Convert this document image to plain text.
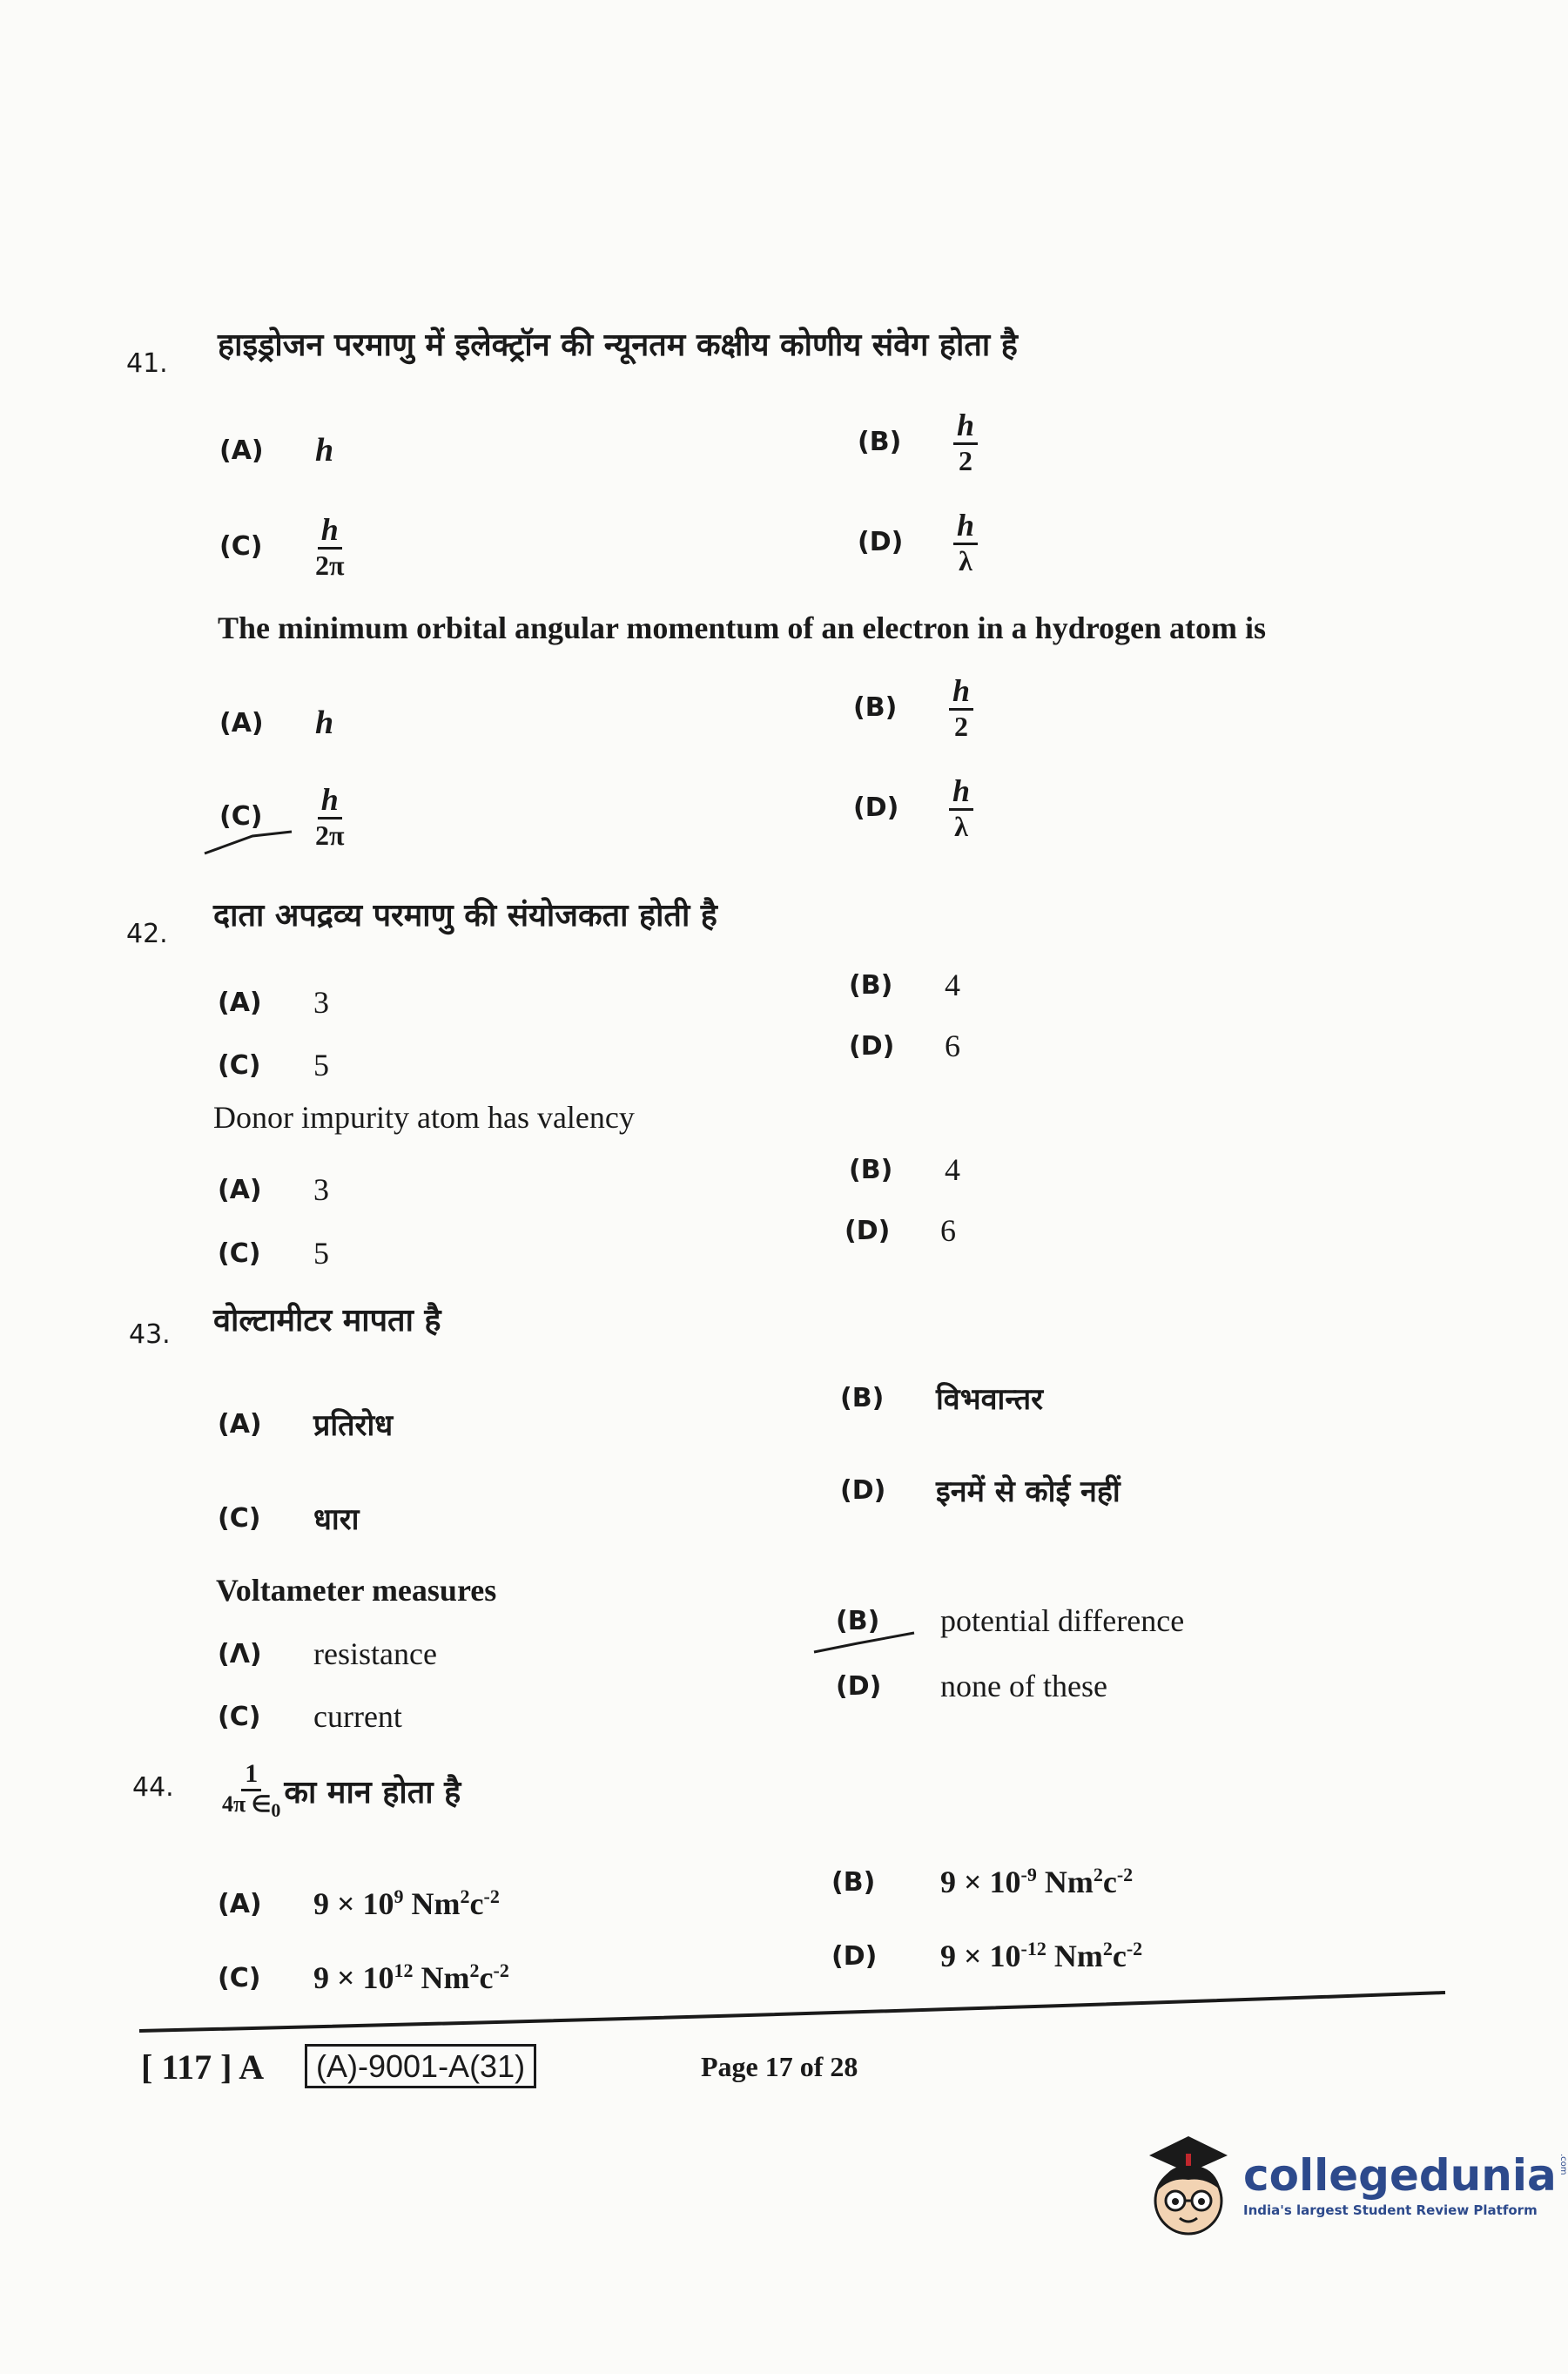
41.
हाइड्रोजन परमाणु में इलेक्ट्रॉन की न्यूनतम कक्षीय कोणीय संवेग होता है
(A)	h	(B)	$\frac{h}{2}$
(C)	$\frac{h}{2\pi}$	(D)	$\frac{h}{\lambda}$
The minimum orbital angular momentum of an electron in a hydrogen atom is
(A)	h	(B)	$\frac{h}{2}$
(C)	$\frac{h}{2\pi}$	(D)	$\frac{h}{\lambda}$
42.
दाता अपद्रव्य परमाणु की संयोजकता होती है
(A)	3	(B)	4
(C)	5
(D)	6
Donor impurity atom has valency
(A)	3
(B)	4
(C)	5
(D)	6
43. वोल्टामीटर मापता है
(A)	प्रतिरोध
(B)	विभवान्तर
(C)	धारा
(D)	इनमें से कोई नहीं
Voltameter measures
(Λ)	resistance
(B)	potential difference
(C)	current
(D)	none of these
44. $\frac{1}{4\pi \in_0}$ का मान होता है
(A)	$9 \times 10^9$ $Nm^2c^{-2}$	(B)	$9 \times 10^{-9}$ $Nm^2c^{-2}$
(C)	$9 \times 10^{12}$ $Nm^2c^{-2}$	(D)	$9 \times 10^{-12}$ $Nm^2c^{-2}$
[ 117 ] A	(A)-9001-A(31)	Page 17 of 28
collegedunia .com
India's largest Student Review Platform
